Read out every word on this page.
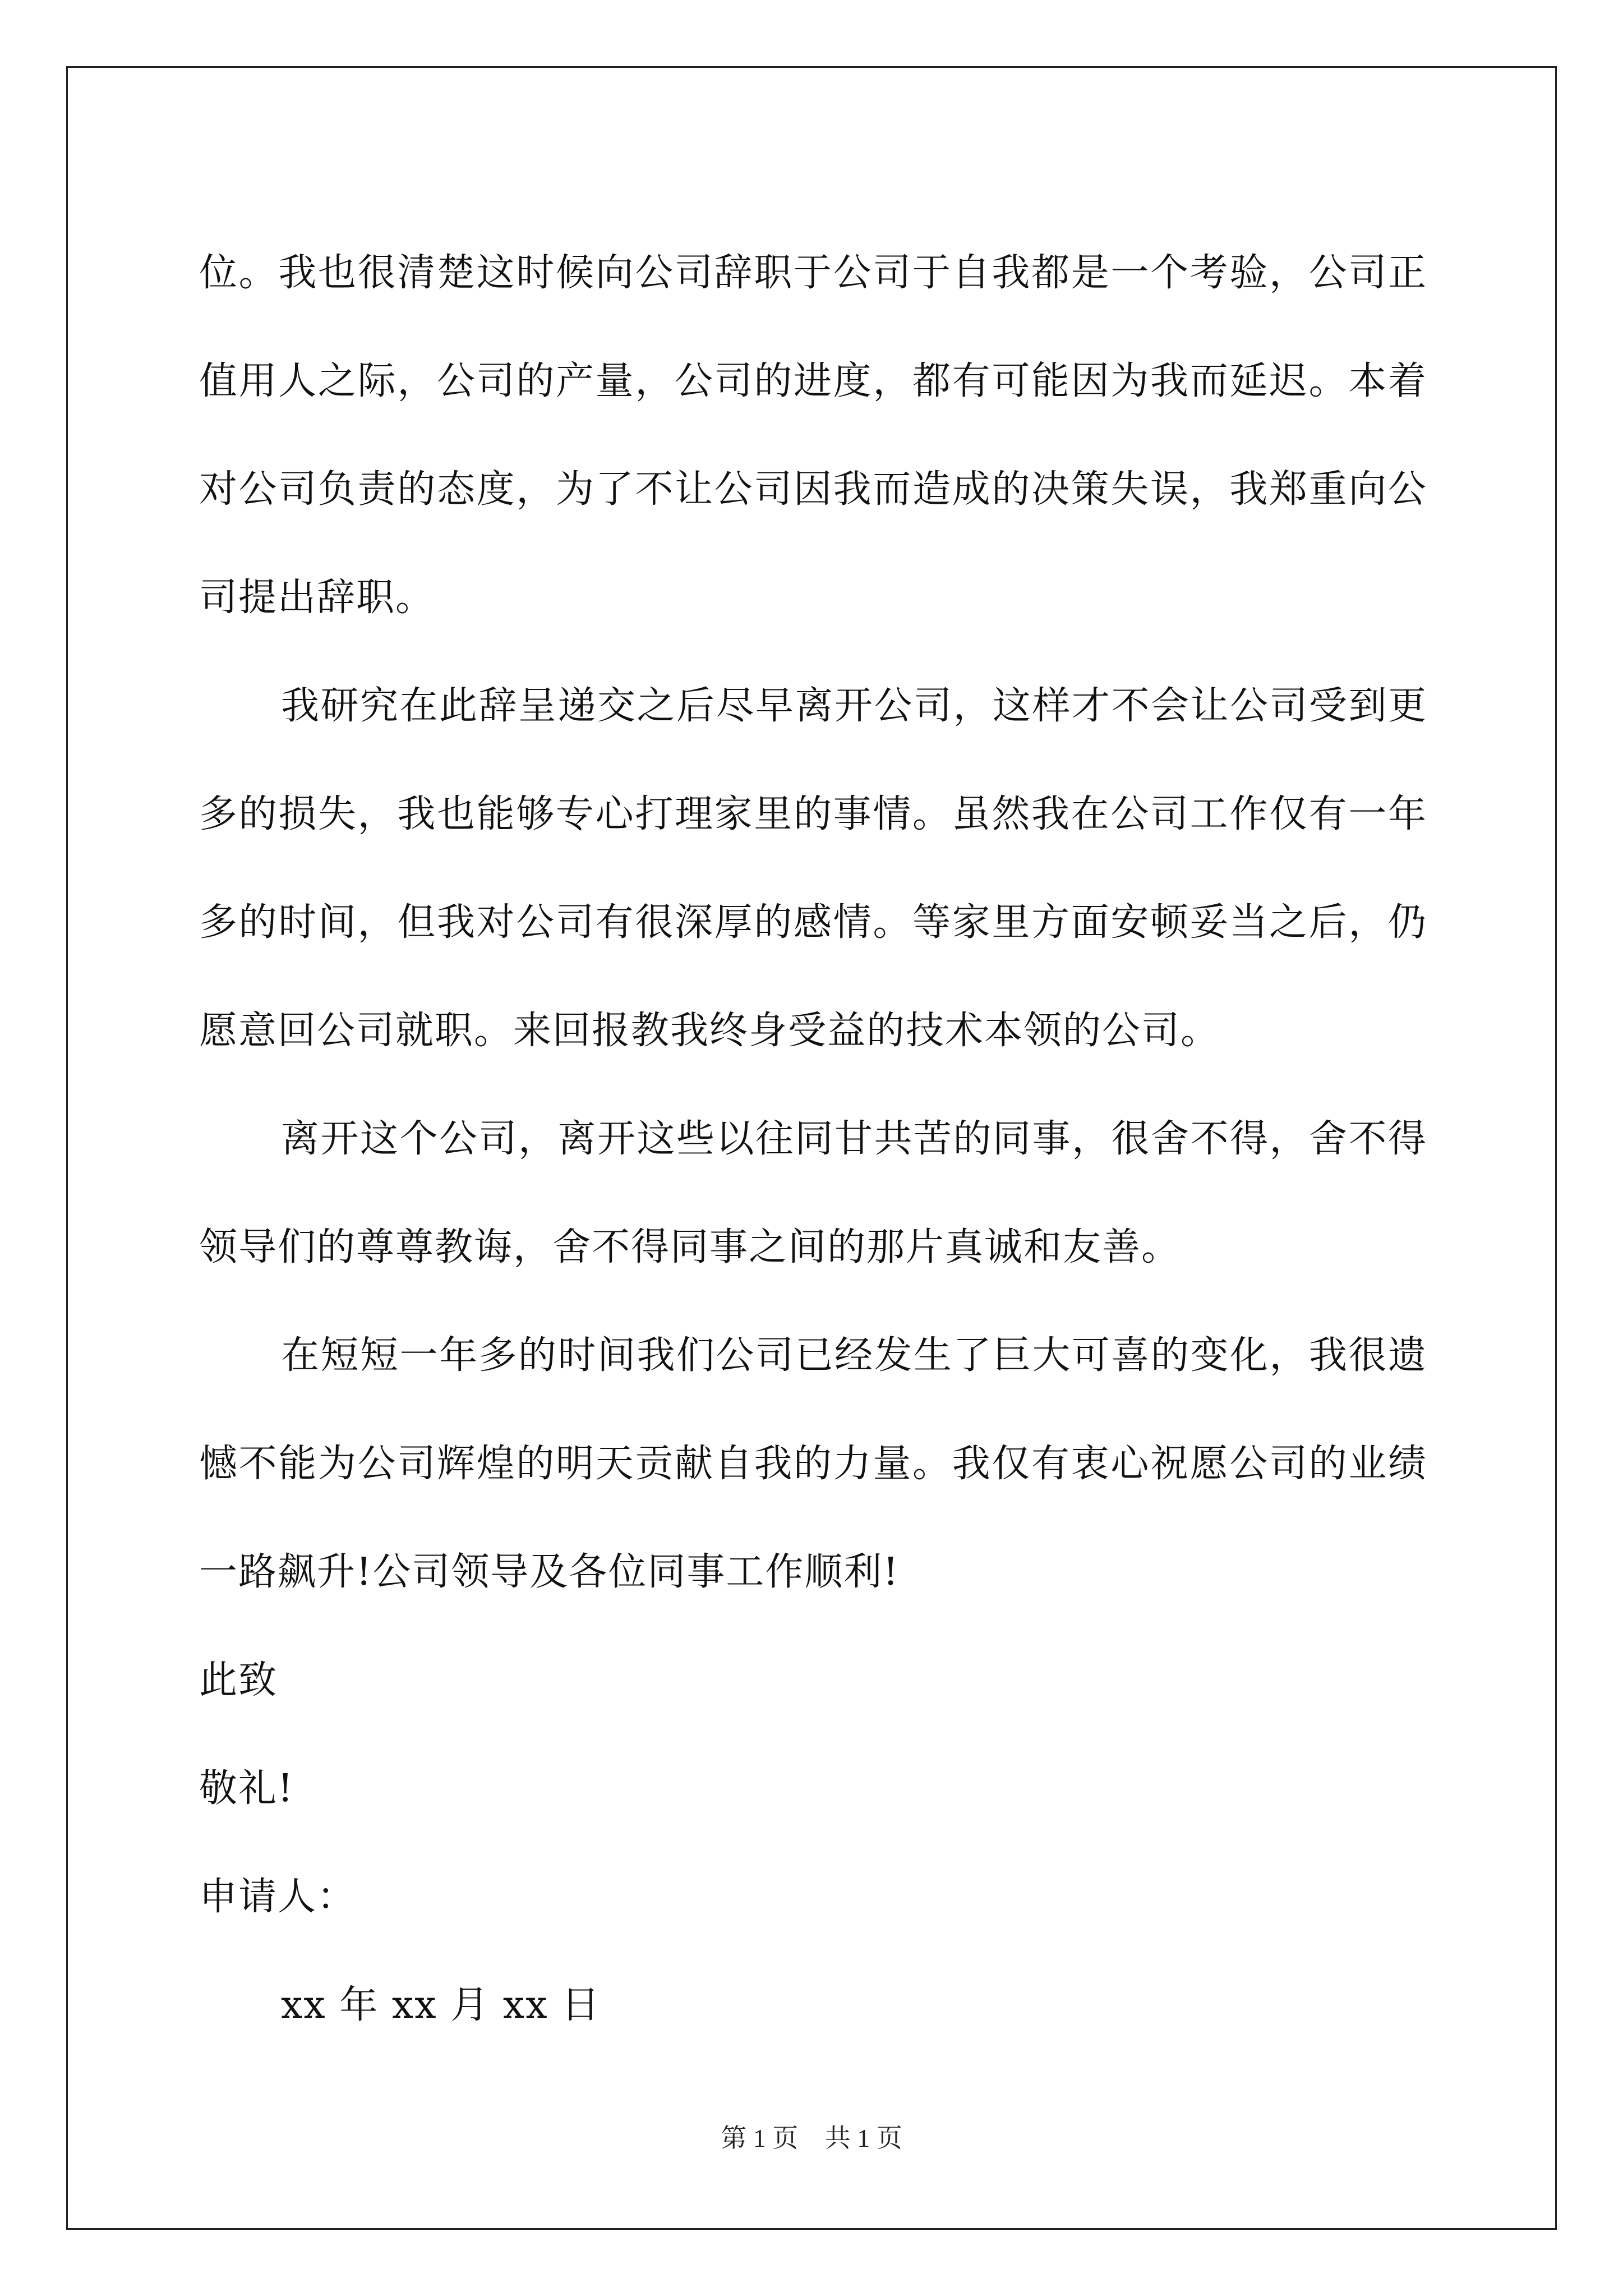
位。我也很清楚这时候向公司辞职于公司于自我都是一个考验，公司正值用人之际，公司的产量，公司的进度，都有可能因为我而延迟。本着对公司负责的态度，为了不让公司因我而造成的决策失误，我郑重向公司提出辞职。

我研究在此辞呈递交之后尽早离开公司，这样才不会让公司受到更多的损失，我也能够专心打理家里的事情。虽然我在公司工作仅有一年多的时间，但我对公司有很深厚的感情。等家里方面安顿妥当之后，仍愿意回公司就职。来回报教我终身受益的技术本领的公司。

离开这个公司，离开这些以往同甘共苦的同事，很舍不得，舍不得领导们的尊尊教诲，舍不得同事之间的那片真诚和友善。

在短短一年多的时间我们公司已经发生了巨大可喜的变化，我很遗憾不能为公司辉煌的明天贡献自我的力量。我仅有衷心祝愿公司的业绩一路飙升!公司领导及各位同事工作顺利!

此致

敬礼!

申请人：

xx 年 xx 月 xx 日

第 1 页 共 1 页
